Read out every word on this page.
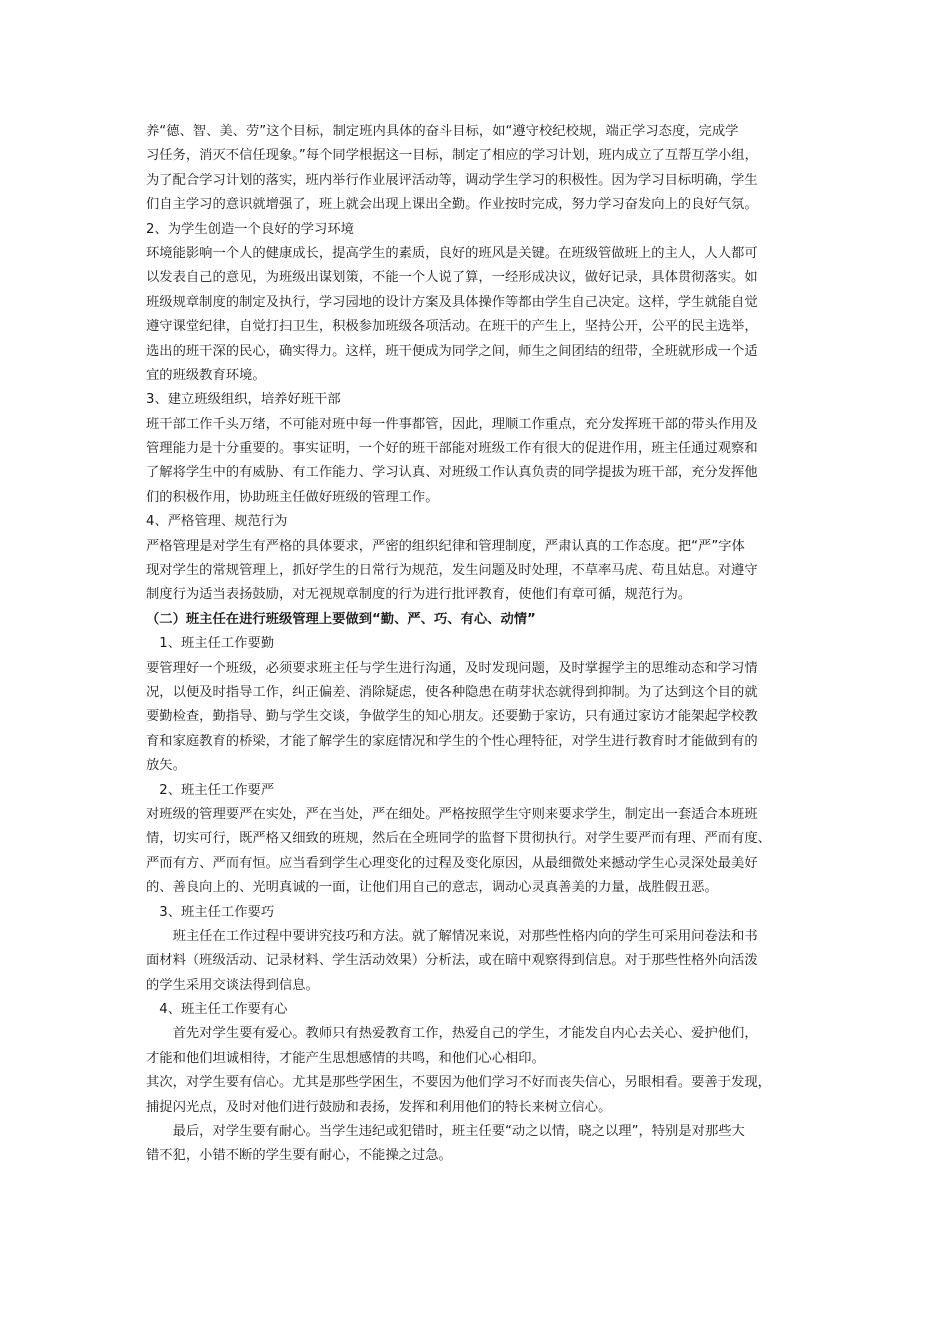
养“德、智、美、劳”这个目标，制定班内具体的奋斗目标，如“遵守校纪校规，端正学习态度，完成学
习任务，消灭不信任现象。”每个同学根据这一目标，制定了相应的学习计划，班内成立了互帮互学小组，
为了配合学习计划的落实，班内举行作业展评活动等，调动学生学习的积极性。因为学习目标明确，学生
们自主学习的意识就增强了，班上就会出现上课出全勤。作业按时完成，努力学习奋发向上的良好气氛。
2、为学生创造一个良好的学习环境
环境能影响一个人的健康成长，提高学生的素质，良好的班风是关键。在班级管做班上的主人，人人都可
以发表自己的意见，为班级出谋划策，不能一个人说了算，一经形成决议，做好记录，具体贯彻落实。如
班级规章制度的制定及执行，学习园地的设计方案及具体操作等都由学生自己决定。这样，学生就能自觉
遵守课堂纪律，自觉打扫卫生，积极参加班级各项活动。在班干的产生上，坚持公开，公平的民主选举，
选出的班干深的民心，确实得力。这样，班干便成为同学之间，师生之间团结的纽带，全班就形成一个适
宜的班级教育环境。
3、建立班级组织，培养好班干部
班干部工作千头万绪，不可能对班中每一件事都管，因此，理顺工作重点，充分发挥班干部的带头作用及
管理能力是十分重要的。事实证明，一个好的班干部能对班级工作有很大的促进作用，班主任通过观察和
了解将学生中的有威胁、有工作能力、学习认真、对班级工作认真负责的同学提拔为班干部，充分发挥他
们的积极作用，协助班主任做好班级的管理工作。
4、严格管理、规范行为
严格管理是对学生有严格的具体要求，严密的组织纪律和管理制度，严肃认真的工作态度。把“严”字体
现对学生的常规管理上，抓好学生的日常行为规范，发生问题及时处理，不草率马虎、苟且姑息。对遵守
制度行为适当表扬鼓励，对无视规章制度的行为进行批评教育，使他们有章可循，规范行为。
（二）班主任在进行班级管理上要做到“勤、严、巧、有心、动情”
　1、班主任工作要勤
要管理好一个班级，必须要求班主任与学生进行沟通，及时发现问题，及时掌握学主的思维动态和学习情
况，以便及时指导工作，纠正偏差、消除疑虑，使各种隐患在萌芽状态就得到抑制。为了达到这个目的就
要勤检查，勤指导、勤与学生交谈，争做学生的知心朋友。还要勤于家访，只有通过家访才能架起学校教
育和家庭教育的桥梁，才能了解学生的家庭情况和学生的个性心理特征，对学生进行教育时才能做到有的
放矢。
　2、班主任工作要严
对班级的管理要严在实处，严在当处，严在细处。严格按照学生守则来要求学生，制定出一套适合本班班
情，切实可行，既严格又细致的班规，然后在全班同学的监督下贯彻执行。对学生要严而有理、严而有度、
严而有方、严而有恒。应当看到学生心理变化的过程及变化原因，从最细微处来撼动学生心灵深处最美好
的、善良向上的、光明真诚的一面，让他们用自己的意志，调动心灵真善美的力量，战胜假丑恶。
　3、班主任工作要巧
　　班主任在工作过程中要讲究技巧和方法。就了解情况来说，对那些性格内向的学生可采用问卷法和书
面材料（班级活动、记录材料、学生活动效果）分析法，或在暗中观察得到信息。对于那些性格外向活泼
的学生采用交谈法得到信息。
　4、班主任工作要有心
　　首先对学生要有爱心。教师只有热爱教育工作，热爱自己的学生，才能发自内心去关心、爱护他们，
才能和他们坦诚相待，才能产生思想感情的共鸣，和他们心心相印。
其次，对学生要有信心。尤其是那些学困生，不要因为他们学习不好而丧失信心，另眼相看。要善于发现，
捕捉闪光点，及时对他们进行鼓励和表扬，发挥和利用他们的特长来树立信心。
　　最后，对学生要有耐心。当学生违纪或犯错时，班主任要“动之以情，晓之以理”，特别是对那些大
错不犯，小错不断的学生要有耐心，不能操之过急。
